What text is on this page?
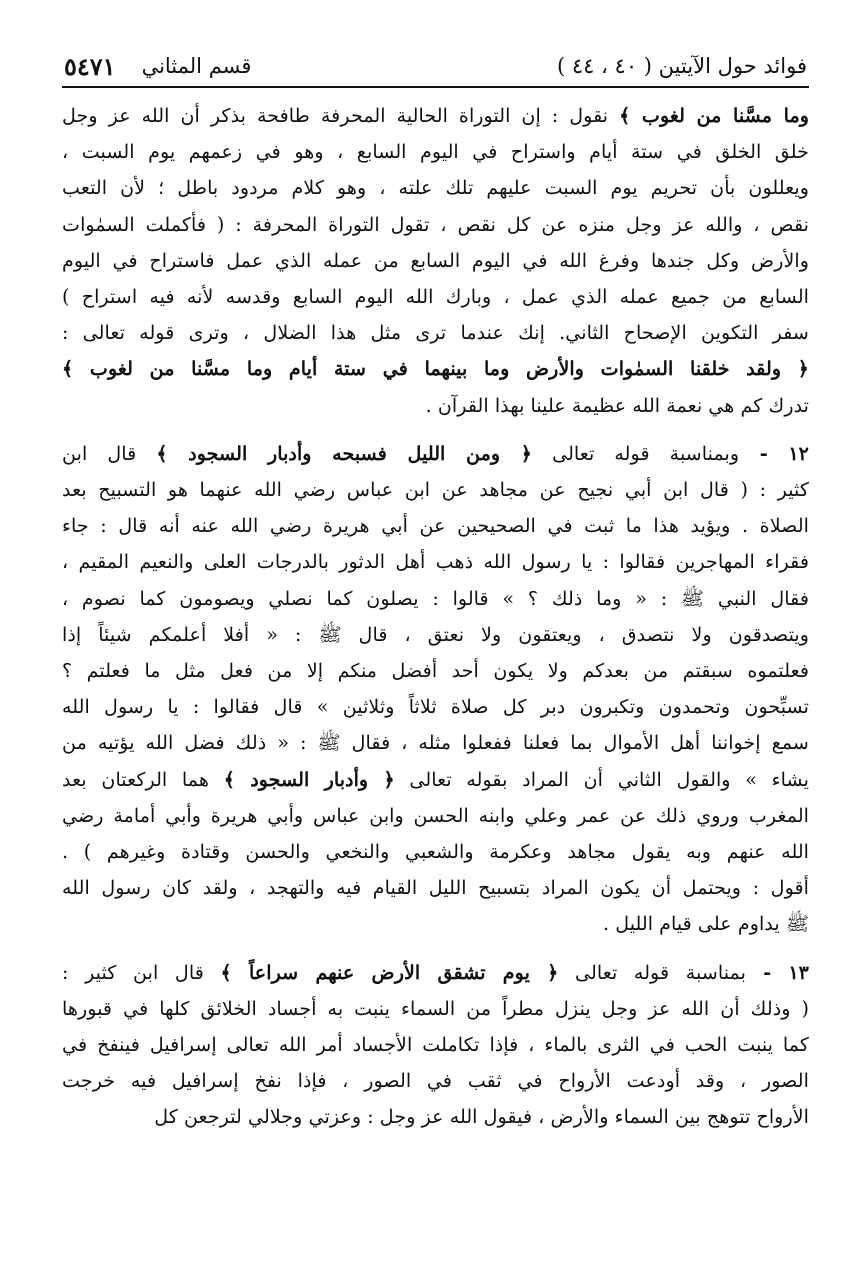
فوائد حول الآيتين ( ٤٠ ، ٤٤ )
قسم المثاني
٥٤٧١
وما مسَّنا من لغوب ﴾ نقول : إن التوراة الحالية المحرفة طافحة بذكر أن الله عز وجل
خلق الخلق في ستة أيام واستراح في اليوم السابع ، وهو في زعمهم يوم السبت ،
ويعللون بأن تحريم يوم السبت عليهم تلك علته ، وهو كلام مردود باطل ؛ لأن التعب
نقص ، والله عز وجل منزه عن كل نقص ، تقول التوراة المحرفة : ( فأكملت السمٰوات
والأرض وكل جندها وفرغ الله في اليوم السابع من عمله الذي عمل فاستراح في اليوم
السابع من جميع عمله الذي عمل ، وبارك الله اليوم السابع وقدسه لأنه فيه استراح )
سفر التكوين الإصحاح الثاني. إنك عندما ترى مثل هذا الضلال ، وترى قوله تعالى :
﴿ ولقد خلقنا السمٰوات والأرض وما بينهما في ستة أيام وما مسَّنا من لغوب ﴾
تدرك كم هي نعمة الله عظيمة علينا بهذا القرآن .
١٢ - وبمناسبة قوله تعالى ﴿ ومن الليل فسبحه وأدبار السجود ﴾ قال ابن
كثير : ( قال ابن أبي نجيح عن مجاهد عن ابن عباس رضي الله عنهما هو التسبيح بعد
الصلاة . ويؤيد هذا ما ثبت في الصحيحين عن أبي هريرة رضي الله عنه أنه قال : جاء
فقراء المهاجرين فقالوا : يا رسول الله ذهب أهل الدثور بالدرجات العلى والنعيم المقيم ،
فقال النبي ﷺ : « وما ذلك ؟ » قالوا : يصلون كما نصلي ويصومون كما نصوم ،
ويتصدقون ولا نتصدق ، ويعتقون ولا نعتق ، قال ﷺ : « أفلا أعلمكم شيئاً إذا
فعلتموه سبقتم من بعدكم ولا يكون أحد أفضل منكم إلا من فعل مثل ما فعلتم ؟
تسبِّحون وتحمدون وتكبرون دبر كل صلاة ثلاثاً وثلاثين » قال فقالوا : يا رسول الله
سمع إخواننا أهل الأموال بما فعلنا ففعلوا مثله ، فقال ﷺ : « ذلك فضل الله يؤتيه من
يشاء » والقول الثاني أن المراد بقوله تعالى ﴿ وأدبار السجود ﴾ هما الركعتان بعد
المغرب وروي ذلك عن عمر وعلي وابنه الحسن وابن عباس وأبي هريرة وأبي أمامة رضي
الله عنهم وبه يقول مجاهد وعكرمة والشعبي والنخعي والحسن وقتادة وغيرهم ) .
أقول : ويحتمل أن يكون المراد بتسبيح الليل القيام فيه والتهجد ، ولقد كان رسول الله
ﷺ يداوم على قيام الليل .
١٣ - بمناسبة قوله تعالى ﴿ يوم تشقق الأرض عنهم سراعاً ﴾ قال ابن كثير :
( وذلك أن الله عز وجل ينزل مطراً من السماء ينبت به أجساد الخلائق كلها في قبورها
كما ينبت الحب في الثرى بالماء ، فإذا تكاملت الأجساد أمر الله تعالى إسرافيل فينفخ في
الصور ، وقد أودعت الأرواح في ثقب في الصور ، فإذا نفخ إسرافيل فيه خرجت
الأرواح تتوهج بين السماء والأرض ، فيقول الله عز وجل : وعزتي وجلالي لترجعن كل
